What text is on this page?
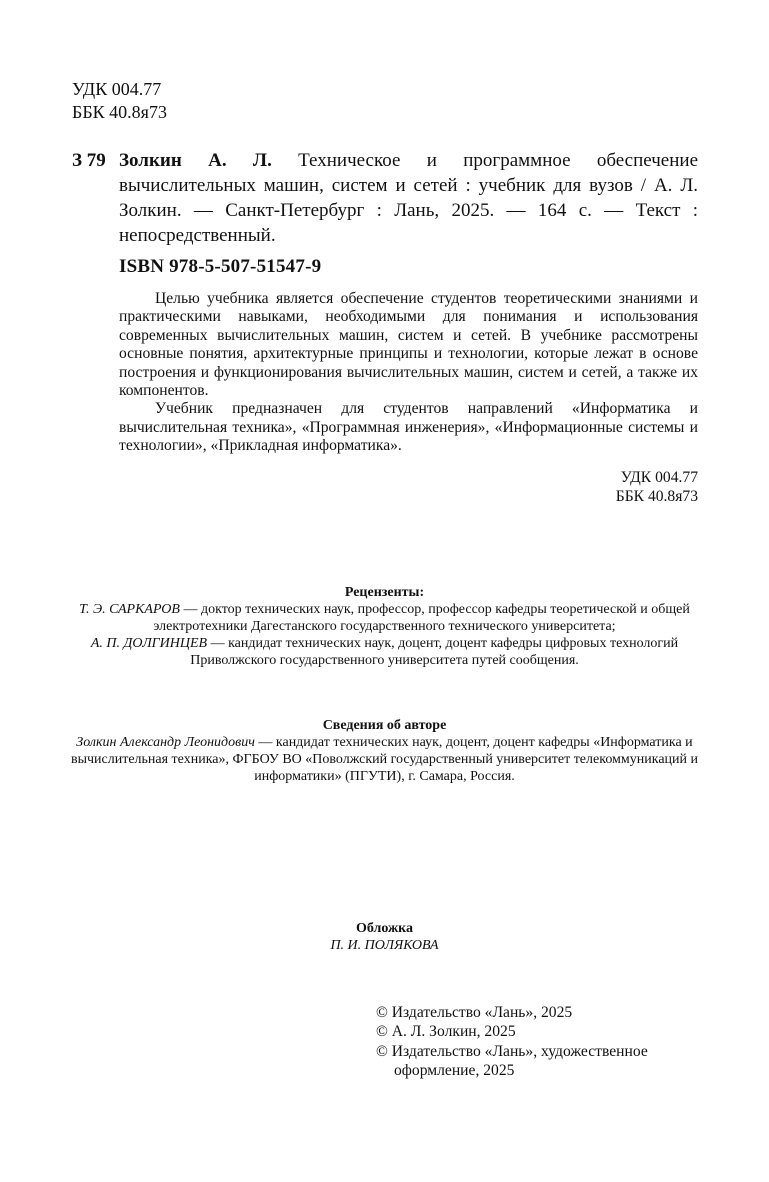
УДК 004.77
ББК 40.8я73
З 79 Золкин А. Л. Техническое и программное обеспечение вычислительных машин, систем и сетей : учебник для вузов / А. Л. Золкин. — Санкт-Петербург : Лань, 2025. — 164 с. — Текст : непосредственный.
ISBN 978-5-507-51547-9

Целью учебника является обеспечение студентов теоретическими знаниями и практическими навыками, необходимыми для понимания и использования современных вычислительных машин, систем и сетей. В учебнике рассмотрены основные понятия, архитектурные принципы и технологии, которые лежат в основе построения и функционирования вычислительных машин, систем и сетей, а также их компонентов.

Учебник предназначен для студентов направлений «Информатика и вычислительная техника», «Программная инженерия», «Информационные системы и технологии», «Прикладная информатика».

УДК 004.77
ББК 40.8я73
Рецензенты:
Т. Э. САРКАРОВ — доктор технических наук, профессор, профессор кафедры теоретической и общей электротехники Дагестанского государственного технического университета;
А. П. ДОЛГИНЦЕВ — кандидат технических наук, доцент, доцент кафедры цифровых технологий Приволжского государственного университета путей сообщения.
Сведения об авторе
Золкин Александр Леонидович — кандидат технических наук, доцент, доцент кафедры «Информатика и вычислительная техника», ФГБОУ ВО «Поволжский государственный университет телекоммуникаций и информатики» (ПГУТИ), г. Самара, Россия.
Обложка
П. И. ПОЛЯКОВА
© Издательство «Лань», 2025
© А. Л. Золкин, 2025
© Издательство «Лань», художественное оформление, 2025
